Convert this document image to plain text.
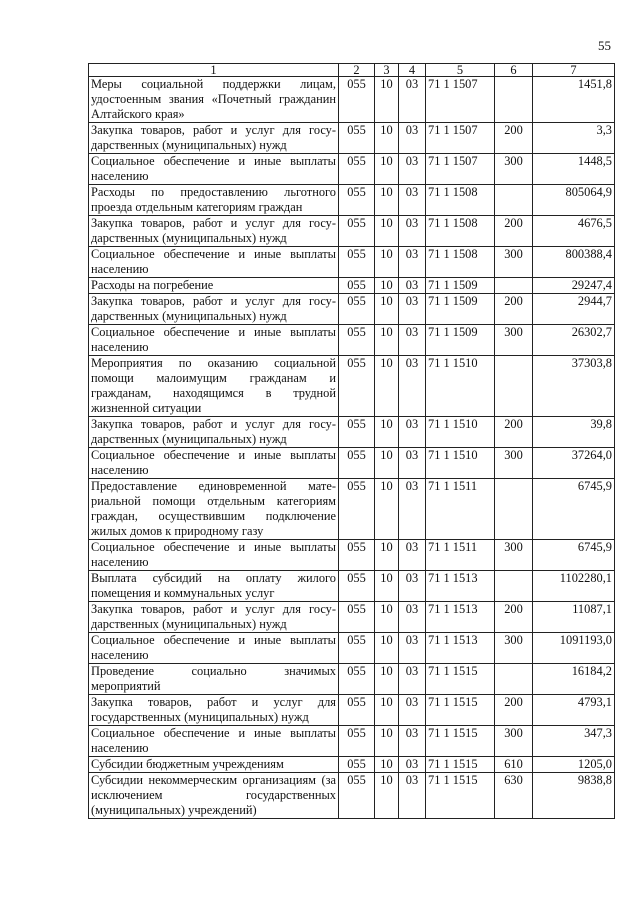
55
1	2	3	4	5	6	7
Меры социальной поддержки лицам, удостоенным звания «Почетный гражданин Алтайского края»	055	10	03	71 1 1507		1451,8
Закупка товаров, работ и услуг для государственных (муниципальных) нужд	055	10	03	71 1 1507	200	3,3
Социальное обеспечение и иные выплаты населению	055	10	03	71 1 1507	300	1448,5
Расходы по предоставлению льготного проезда отдельным категориям граждан	055	10	03	71 1 1508		805064,9
Закупка товаров, работ и услуг для государственных (муниципальных) нужд	055	10	03	71 1 1508	200	4676,5
Социальное обеспечение и иные выплаты населению	055	10	03	71 1 1508	300	800388,4
Расходы на погребение	055	10	03	71 1 1509		29247,4
Закупка товаров, работ и услуг для государственных (муниципальных) нужд	055	10	03	71 1 1509	200	2944,7
Социальное обеспечение и иные выплаты населению	055	10	03	71 1 1509	300	26302,7
Мероприятия по оказанию социальной помощи малоимущим гражданам и гражданам, находящимся в трудной жизненной ситуации	055	10	03	71 1 1510		37303,8
Закупка товаров, работ и услуг для государственных (муниципальных) нужд	055	10	03	71 1 1510	200	39,8
Социальное обеспечение и иные выплаты населению	055	10	03	71 1 1510	300	37264,0
Предоставление единовременной материальной помощи отдельным категориям граждан, осуществившим подключение жилых домов к природному газу	055	10	03	71 1 1511		6745,9
Социальное обеспечение и иные выплаты населению	055	10	03	71 1 1511	300	6745,9
Выплата субсидий на оплату жилого помещения и коммунальных услуг	055	10	03	71 1 1513		1102280,1
Закупка товаров, работ и услуг для государственных (муниципальных) нужд	055	10	03	71 1 1513	200	11087,1
Социальное обеспечение и иные выплаты населению	055	10	03	71 1 1513	300	1091193,0
Проведение социально значимых мероприятий	055	10	03	71 1 1515		16184,2
Закупка товаров, работ и услуг для государственных (муниципальных) нужд	055	10	03	71 1 1515	200	4793,1
Социальное обеспечение и иные выплаты населению	055	10	03	71 1 1515	300	347,3
Субсидии бюджетным учреждениям	055	10	03	71 1 1515	610	1205,0
Субсидии некоммерческим организациям (за исключением государственных (муниципальных) учреждений)	055	10	03	71 1 1515	630	9838,8
